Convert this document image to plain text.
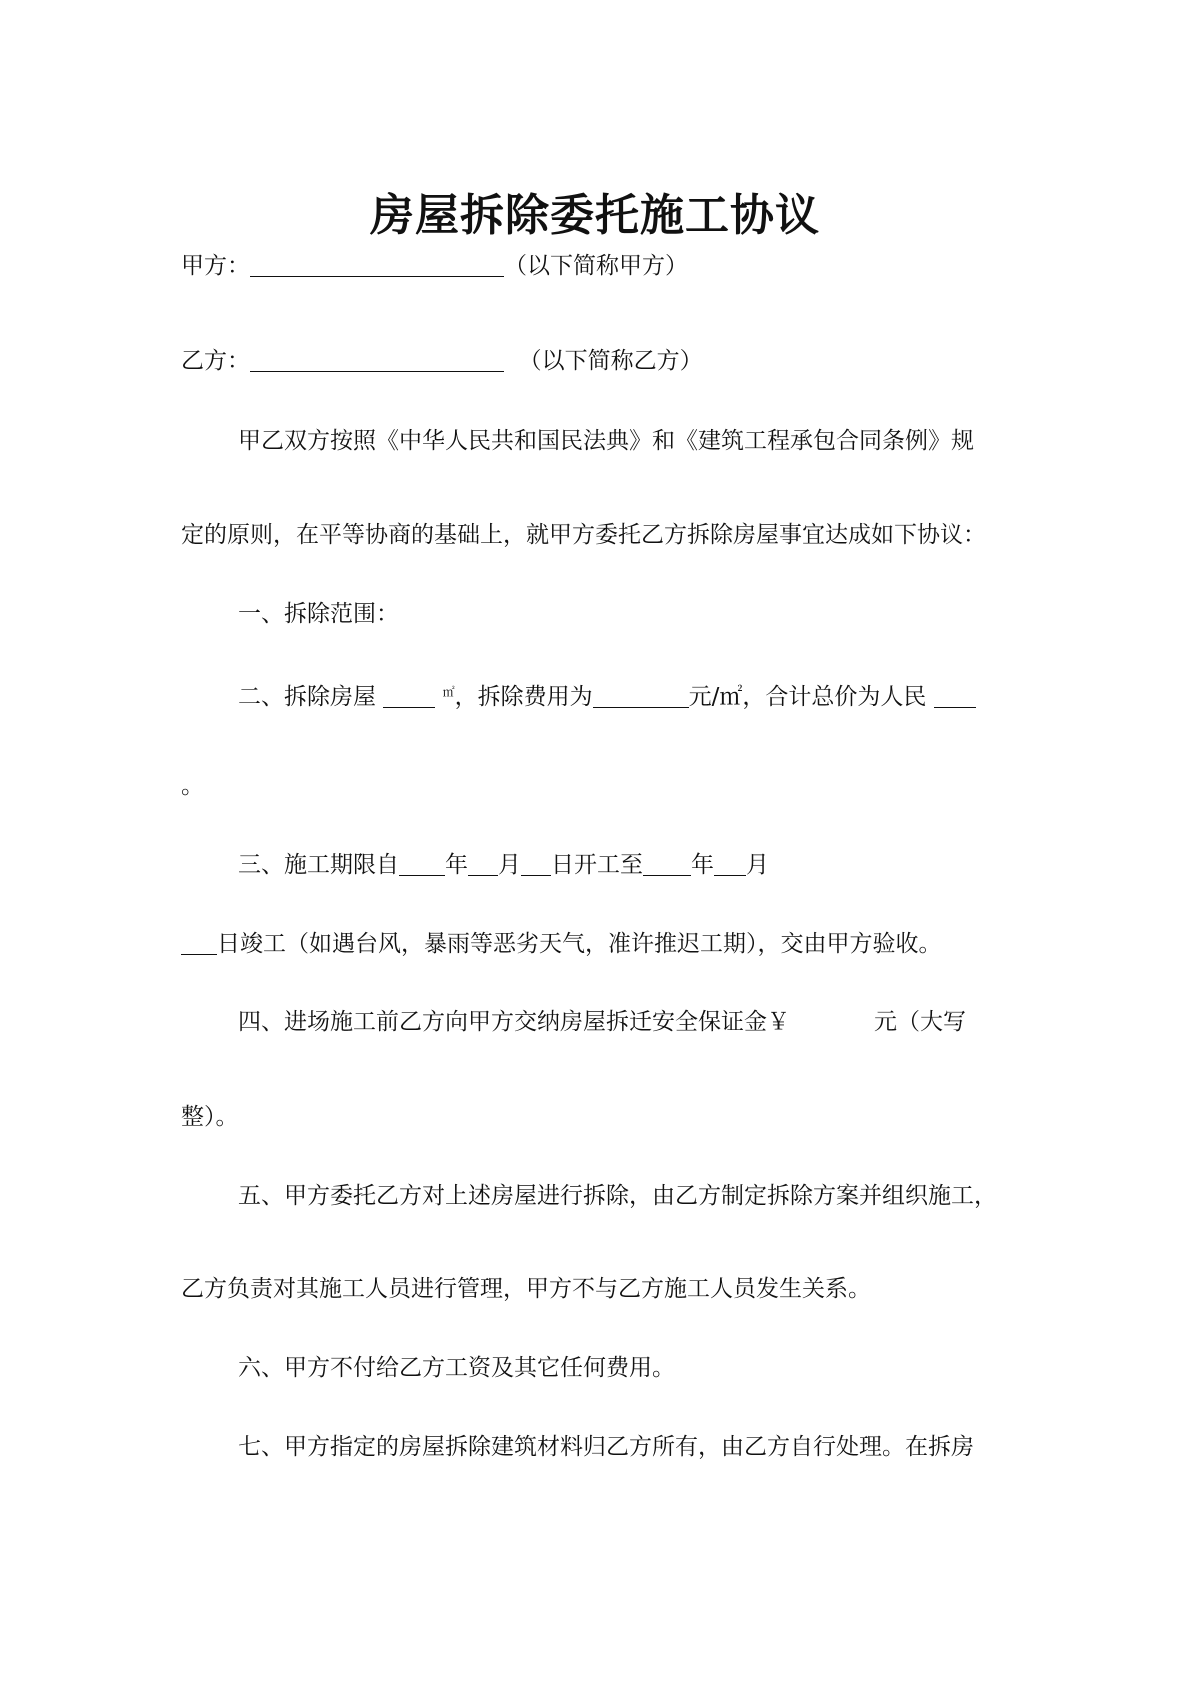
房屋拆除委托施工协议
甲方：	（以下简称甲方）
乙方：	（以下简称乙方）
甲乙双方按照《中华人民共和国民法典》和《建筑工程承包合同条例》规
定的原则，在平等协商的基础上，就甲方委托乙方拆除房屋事宜达成如下协议：
一、拆除范围：
二、拆除房屋	㎡，拆除费用为	元/㎡，合计总价为人民
。
三、施工期限自 年 月 日开工至 年 月
日竣工（如遇台风，暴雨等恶劣天气，准许推迟工期），交由甲方验收。
四、进场施工前乙方向甲方交纳房屋拆迁安全保证金￥	元（大写
整）。
五、甲方委托乙方对上述房屋进行拆除，由乙方制定拆除方案并组织施工，
乙方负责对其施工人员进行管理，甲方不与乙方施工人员发生关系。
六、甲方不付给乙方工资及其它任何费用。
七、甲方指定的房屋拆除建筑材料归乙方所有，由乙方自行处理。在拆房
